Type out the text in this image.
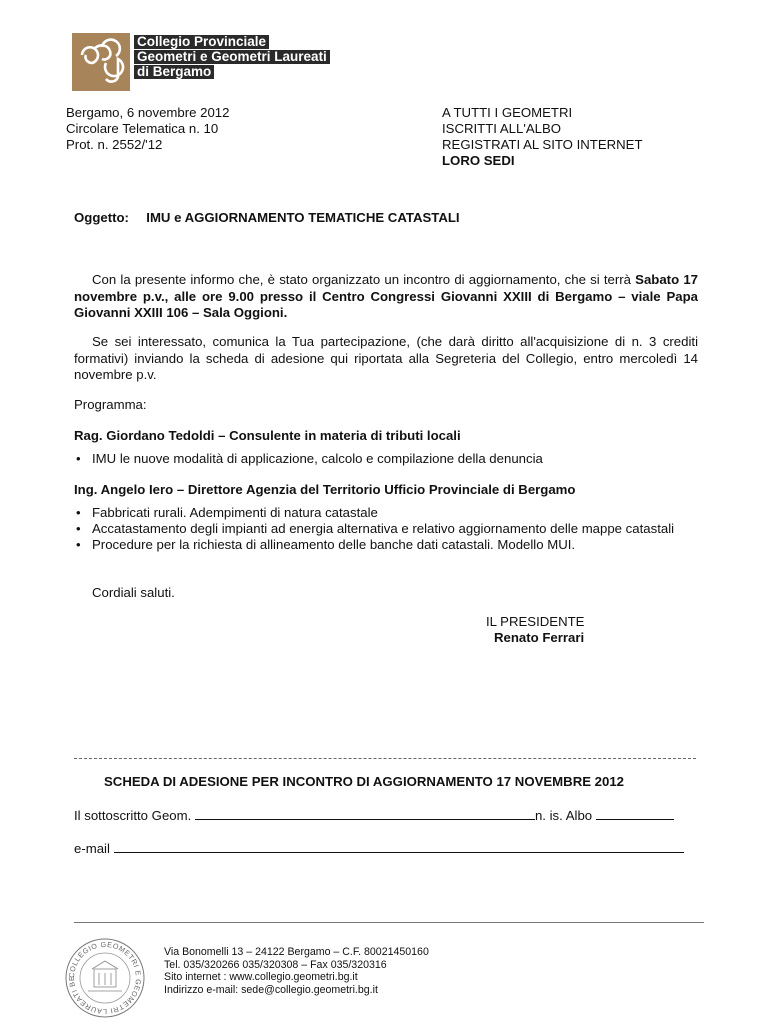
Collegio Provinciale
Geometri e Geometri Laureati
di Bergamo
Bergamo, 6 novembre 2012
Circolare Telematica n. 10
Prot. n. 2552/'12
A TUTTI I GEOMETRI
ISCRITTI ALL'ALBO
REGISTRATI AL SITO INTERNET
LORO SEDI
Oggetto: IMU e AGGIORNAMENTO TEMATICHE CATASTALI
Con la presente informo che, è stato organizzato un incontro di aggiornamento, che si terrà Sabato 17 novembre p.v., alle ore 9.00 presso il Centro Congressi Giovanni XXIII di Bergamo – viale Papa Giovanni XXIII 106 – Sala Oggioni.
Se sei interessato, comunica la Tua partecipazione, (che darà diritto all'acquisizione di n. 3 crediti formativi) inviando la scheda di adesione qui riportata alla Segreteria del Collegio, entro mercoledì 14 novembre p.v.
Programma:
Rag. Giordano Tedoldi – Consulente in materia di tributi locali
• IMU le nuove modalità di applicazione, calcolo e compilazione della denuncia
Ing. Angelo Iero – Direttore Agenzia del Territorio Ufficio Provinciale di Bergamo
• Fabbricati rurali. Adempimenti di natura catastale
• Accatastamento degli impianti ad energia alternativa e relativo aggiornamento delle mappe catastali
• Procedure per la richiesta di allineamento delle banche dati catastali. Modello MUI.
Cordiali saluti.
IL PRESIDENTE
Renato Ferrari
SCHEDA DI ADESIONE PER INCONTRO DI AGGIORNAMENTO 17 NOVEMBRE 2012
Il sottoscritto Geom.	n. is. Albo
e-mail
COLLEGIO GEOMETRI E GEOMETRI LAUREATI BE
Via Bonomelli 13 – 24122 Bergamo – C.F. 80021450160
Tel. 035/320266 035/320308 – Fax 035/320316
Sito internet : www.collegio.geometri.bg.it
Indirizzo e-mail: sede@collegio.geometri.bg.it
